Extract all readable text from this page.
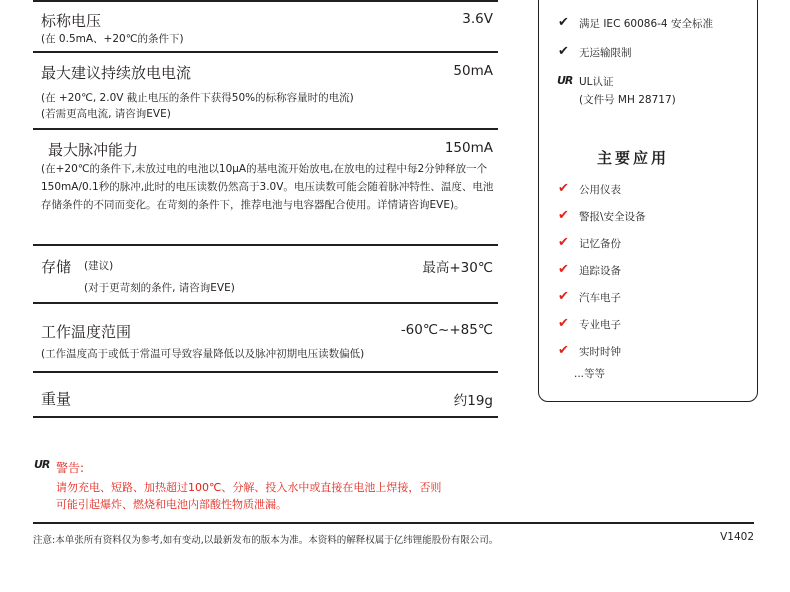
标称电压	3.6V
(在 0.5mA、+20℃的条件下)
最大建议持续放电电流	50mA
(在 +20℃, 2.0V 截止电压的条件下获得50%的标称容量时的电流)
(若需更高电流, 请咨询EVE)
最大脉冲能力	150mA
(在+20℃的条件下,未放过电的电池以10μA的基电流开始放电,在放电的过程中每2分钟释放一个150mA/0.1秒的脉冲,此时的电压读数仍然高于3.0V。电压读数可能会随着脉冲特性、温度、电池存储条件的不同而变化。在苛刻的条件下，推荐电池与电容器配合使用。详情请咨询EVE)。
存储 (建议)	最高+30℃
(对于更苛刻的条件, 请咨询EVE)
工作温度范围	-60℃~+85℃
(工作温度高于或低于常温可导致容量降低以及脉冲初期电压读数偏低)
重量	约19g
✔ 满足 IEC 60086-4 安全标准
✔ 无运输限制
UR UL认证
(文件号 MH 28717)
主要应用
✔ 公用仪表
✔ 警报\安全设备
✔ 记忆备份
✔ 追踪设备
✔ 汽车电子
✔ 专业电子
✔ 实时时钟
...等等
UR 警告:
请勿充电、短路、加热超过100℃、分解、投入水中或直接在电池上焊接，否则
可能引起爆炸、燃烧和电池内部酸性物质泄漏。
注意:本单张所有资料仅为参考,如有变动,以最新发布的版本为准。本资料的解释权属于亿纬锂能股份有限公司。	V1402
